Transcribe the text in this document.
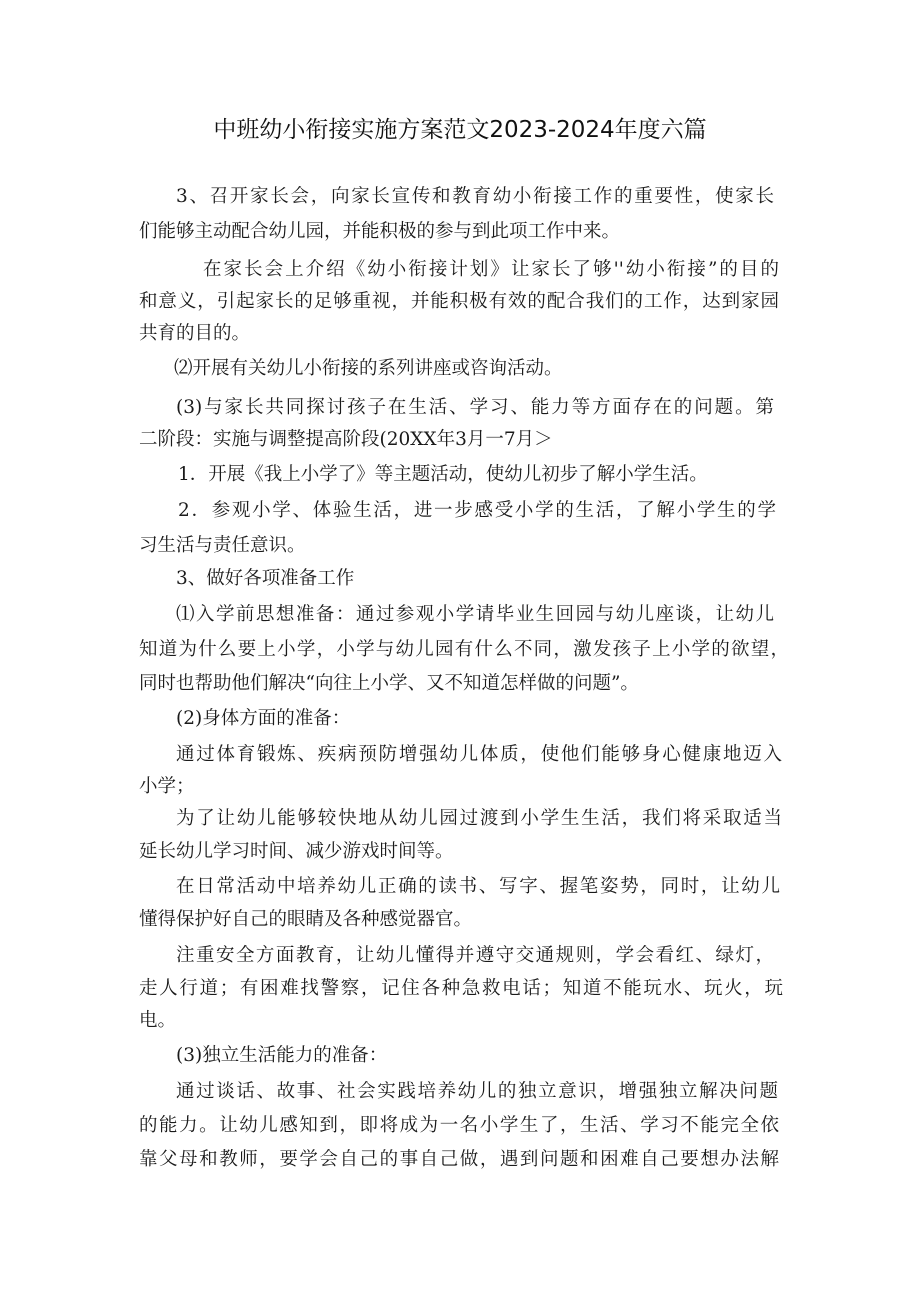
中班幼小衔接实施方案范文2023-2024年度六篇
3、召开家长会，向家长宣传和教育幼小衔接工作的重要性，使家长
们能够主动配合幼儿园，并能积极的参与到此项工作中来。
在家长会上介绍《幼小衔接计划》让家长了够''幼小衔接”的目的
和意义，引起家长的足够重视，并能积极有效的配合我们的工作，达到家园
共育的目的。
⑵开展有关幼儿小衔接的系列讲座或咨询活动。
(3)与家长共同探讨孩子在生活、学习、能力等方面存在的问题。第
二阶段：实施与调整提高阶段(20XX年3月一7月＞
1．开展《我上小学了》等主题活动，使幼儿初步了解小学生活。
2．参观小学、体验生活，进一步感受小学的生活，了解小学生的学
习生活与责任意识。
3、做好各项准备工作
⑴入学前思想准备：通过参观小学请毕业生回园与幼儿座谈，让幼儿
知道为什么要上小学，小学与幼儿园有什么不同，激发孩子上小学的欲望，
同时也帮助他们解决“向往上小学、又不知道怎样做的问题”。
(2)身体方面的准备：
通过体育锻炼、疾病预防增强幼儿体质，使他们能够身心健康地迈入
小学；
为了让幼儿能够较快地从幼儿园过渡到小学生生活，我们将采取适当
延长幼儿学习时间、减少游戏时间等。
在日常活动中培养幼儿正确的读书、写字、握笔姿势，同时，让幼儿
懂得保护好自己的眼睛及各种感觉器官。
注重安全方面教育，让幼儿懂得并遵守交通规则，学会看红、绿灯，
走人行道；有困难找警察，记住各种急救电话；知道不能玩水、玩火，玩
电。
(3)独立生活能力的准备：
通过谈话、故事、社会实践培养幼儿的独立意识，增强独立解决问题
的能力。让幼儿感知到，即将成为一名小学生了，生活、学习不能完全依
靠父母和教师，要学会自己的事自己做，遇到问题和困难自己要想办法解
